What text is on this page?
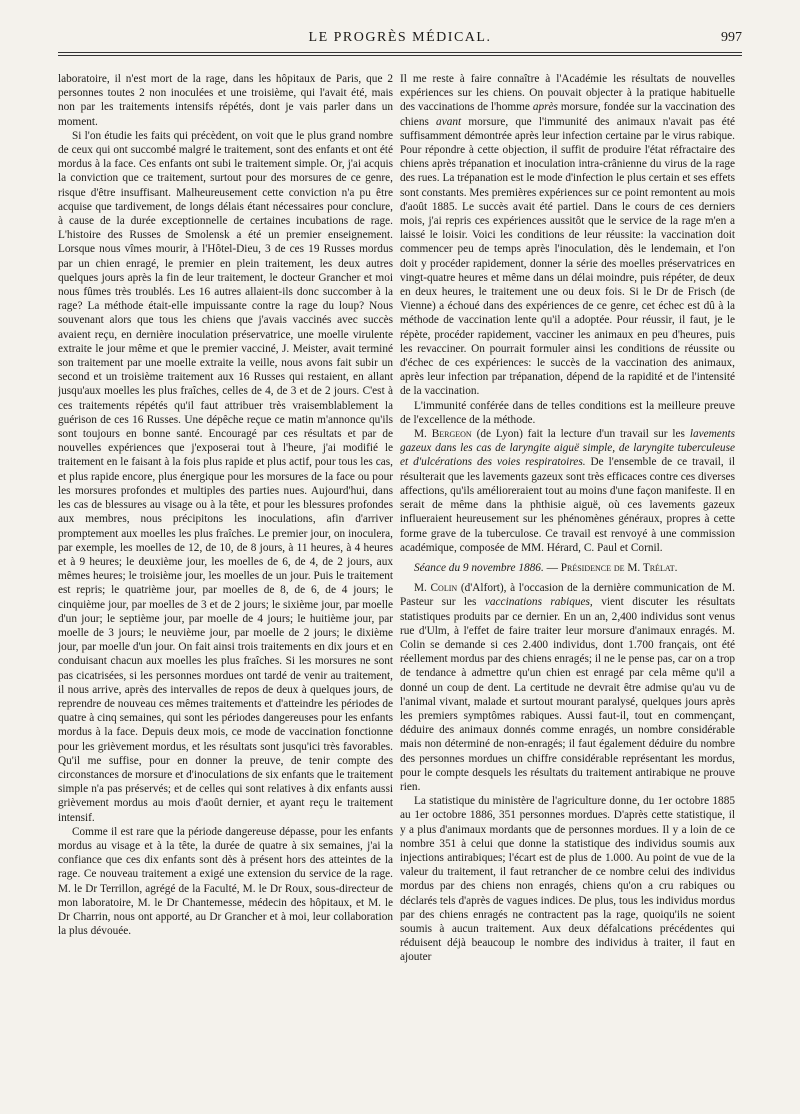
LE PROGRÈS MÉDICAL.	997

laboratoire, il n'est mort de la rage, dans les hôpitaux de Paris, que 2 personnes toutes 2 non inoculées et une troisième, qui l'avait été, mais non par les traitements intensifs répétés, dont je vais parler dans un moment.

Si l'on étudie les faits qui précèdent, on voit que le plus grand nombre de ceux qui ont succombé malgré le traitement, sont des enfants et ont été mordus à la face. Ces enfants ont subi le traitement simple. Or, j'ai acquis la conviction que ce traitement, surtout pour des morsures de ce genre, risque d'être insuffisant. Malheureusement cette conviction n'a pu être acquise que tardivement, de longs délais étant nécessaires pour conclure, à cause de la durée exceptionnelle de certaines incubations de rage. L'histoire des Russes de Smolensk a été un premier enseignement. Lorsque nous vîmes mourir, à l'Hôtel-Dieu, 3 de ces 19 Russes mordus par un chien enragé, le premier en plein traitement, les deux autres quelques jours après la fin de leur traitement, le docteur Grancher et moi nous fûmes très troublés. Les 16 autres allaient-ils donc succomber à la rage? La méthode était-elle impuissante contre la rage du loup? Nous souvenant alors que tous les chiens que j'avais vaccinés avec succès avaient reçu, en dernière inoculation préservatrice, une moelle virulente extraite le jour même et que le premier vacciné, J. Meister, avait terminé son traitement par une moelle extraite la veille, nous avons fait subir un second et un troisième traitement aux 16 Russes qui restaient, en allant jusqu'aux moelles les plus fraîches, celles de 4, de 3 et de 2 jours. C'est à ces traitements répétés qu'il faut attribuer très vraisemblablement la guérison de ces 16 Russes. Une dépêche reçue ce matin m'annonce qu'ils sont toujours en bonne santé. Encouragé par ces résultats et par de nouvelles expériences que j'exposerai tout à l'heure, j'ai modifié le traitement en le faisant à la fois plus rapide et plus actif, pour tous les cas, et plus rapide encore, plus énergique pour les morsures de la face ou pour les morsures profondes et multiples des parties nues. Aujourd'hui, dans les cas de blessures au visage ou à la tête, et pour les blessures profondes aux membres, nous précipitons les inoculations, afin d'arriver promptement aux moelles les plus fraîches. Le premier jour, on inoculera, par exemple, les moelles de 12, de 10, de 8 jours, à 11 heures, à 4 heures et à 9 heures; le deuxième jour, les moelles de 6, de 4, de 2 jours, aux mêmes heures; le troisième jour, les moelles de un jour. Puis le traitement est repris; le quatrième jour, par moelles de 8, de 6, de 4 jours; le cinquième jour, par moelles de 3 et de 2 jours; le sixième jour, par moelle d'un jour; le septième jour, par moelle de 4 jours; le huitième jour, par moelle de 3 jours; le neuvième jour, par moelle de 2 jours; le dixième jour, par moelle d'un jour. On fait ainsi trois traitements en dix jours et en conduisant chacun aux moelles les plus fraîches. Si les morsures ne sont pas cicatrisées, si les personnes mordues ont tardé de venir au traitement, il nous arrive, après des intervalles de repos de deux à quelques jours, de reprendre de nouveau ces mêmes traitements et d'atteindre les périodes de quatre à cinq semaines, qui sont les périodes dangereuses pour les enfants mordus à la face. Depuis deux mois, ce mode de vaccination fonctionne pour les grièvement mordus, et les résultats sont jusqu'ici très favorables. Qu'il me suffise, pour en donner la preuve, de tenir compte des circonstances de morsure et d'inoculations de six enfants que le traitement simple n'a pas préservés; et de celles qui sont relatives à dix enfants aussi grièvement mordus au mois d'août dernier, et ayant reçu le traitement intensif.

Comme il est rare que la période dangereuse dépasse, pour les enfants mordus au visage et à la tête, la durée de quatre à six semaines, j'ai la confiance que ces dix enfants sont dès à présent hors des atteintes de la rage. Ce nouveau traitement a exigé une extension du service de la rage. M. le Dr Terrillon, agrégé de la Faculté, M. le Dr Roux, sous-directeur de mon laboratoire, M. le Dr Chantemesse, médecin des hôpitaux, et M. le Dr Charrin, nous ont apporté, au Dr Grancher et à moi, leur collaboration la plus dévouée.

Il me reste à faire connaître à l'Académie les résultats de nouvelles expériences sur les chiens. On pouvait objecter à la pratique habituelle des vaccinations de l'homme après morsure, fondée sur la vaccination des chiens avant morsure, que l'immunité des animaux n'avait pas été suffisamment démontrée après leur infection certaine par le virus rabique. Pour répondre à cette objection, il suffit de produire l'état réfractaire des chiens après trépanation et inoculation intra-crânienne du virus de la rage des rues. La trépanation est le mode d'infection le plus certain et ses effets sont constants. Mes premières expériences sur ce point remontent au mois d'août 1885. Le succès avait été partiel. Dans le cours de ces derniers mois, j'ai repris ces expériences aussitôt que le service de la rage m'en a laissé le loisir. Voici les conditions de leur réussite: la vaccination doit commencer peu de temps après l'inoculation, dès le lendemain, et l'on doit y procéder rapidement, donner la série des moelles préservatrices en vingt-quatre heures et même dans un délai moindre, puis répéter, de deux en deux heures, le traitement une ou deux fois. Si le Dr de Frisch (de Vienne) a échoué dans des expériences de ce genre, cet échec est dû à la méthode de vaccination lente qu'il a adoptée. Pour réussir, il faut, je le répète, procéder rapidement, vacciner les animaux en peu d'heures, puis les revacciner. On pourrait formuler ainsi les conditions de réussite ou d'échec de ces expériences: le succès de la vaccination des animaux, après leur infection par trépanation, dépend de la rapidité et de l'intensité de la vaccination.

L'immunité conférée dans de telles conditions est la meilleure preuve de l'excellence de la méthode.

M. Bergeon (de Lyon) fait la lecture d'un travail sur les lavements gazeux dans les cas de laryngite aiguë simple, de laryngite tuberculeuse et d'ulcérations des voies respiratoires. De l'ensemble de ce travail, il résulterait que les lavements gazeux sont très efficaces contre ces diverses affections, qu'ils amélioreraient tout au moins d'une façon manifeste. Il en serait de même dans la phthisie aiguë, où ces lavements gazeux influeraient heureusement sur les phénomènes généraux, propres à cette forme grave de la tuberculose. Ce travail est renvoyé à une commission académique, composée de MM. Hérard, C. Paul et Cornil.

Séance du 9 novembre 1886. — Présidence de M. Trélat.

M. Colin (d'Alfort), à l'occasion de la dernière communication de M. Pasteur sur les vaccinations rabiques, vient discuter les résultats statistiques produits par ce dernier. En un an, 2,400 individus sont venus rue d'Ulm, à l'effet de faire traiter leur morsure d'animaux enragés. M. Colin se demande si ces 2.400 individus, dont 1.700 français, ont été réellement mordus par des chiens enragés; il ne le pense pas, car on a trop de tendance à admettre qu'un chien est enragé par cela même qu'il a donné un coup de dent. La certitude ne devrait être admise qu'au vu de l'animal vivant, malade et surtout mourant paralysé, quelques jours après les premiers symptômes rabiques. Aussi faut-il, tout en commençant, déduire des animaux donnés comme enragés, un nombre considérable mais non déterminé de non-enragés; il faut également déduire du nombre des personnes mordues un chiffre considérable représentant les mordus, pour le compte desquels les résultats du traitement antirabique ne prouve rien.

La statistique du ministère de l'agriculture donne, du 1er octobre 1885 au 1er octobre 1886, 351 personnes mordues. D'après cette statistique, il y a plus d'animaux mordants que de personnes mordues. Il y a loin de ce nombre 351 à celui que donne la statistique des individus soumis aux injections antirabiques; l'écart est de plus de 1.000. Au point de vue de la valeur du traitement, il faut retrancher de ce nombre celui des individus mordus par des chiens non enragés, chiens qu'on a cru rabiques ou déclarés tels d'après de vagues indices. De plus, tous les individus mordus par des chiens enragés ne contractent pas la rage, quoiqu'ils ne soient soumis à aucun traitement. Aux deux défalcations précédentes qui réduisent déjà beaucoup le nombre des individus à traiter, il faut en ajouter
